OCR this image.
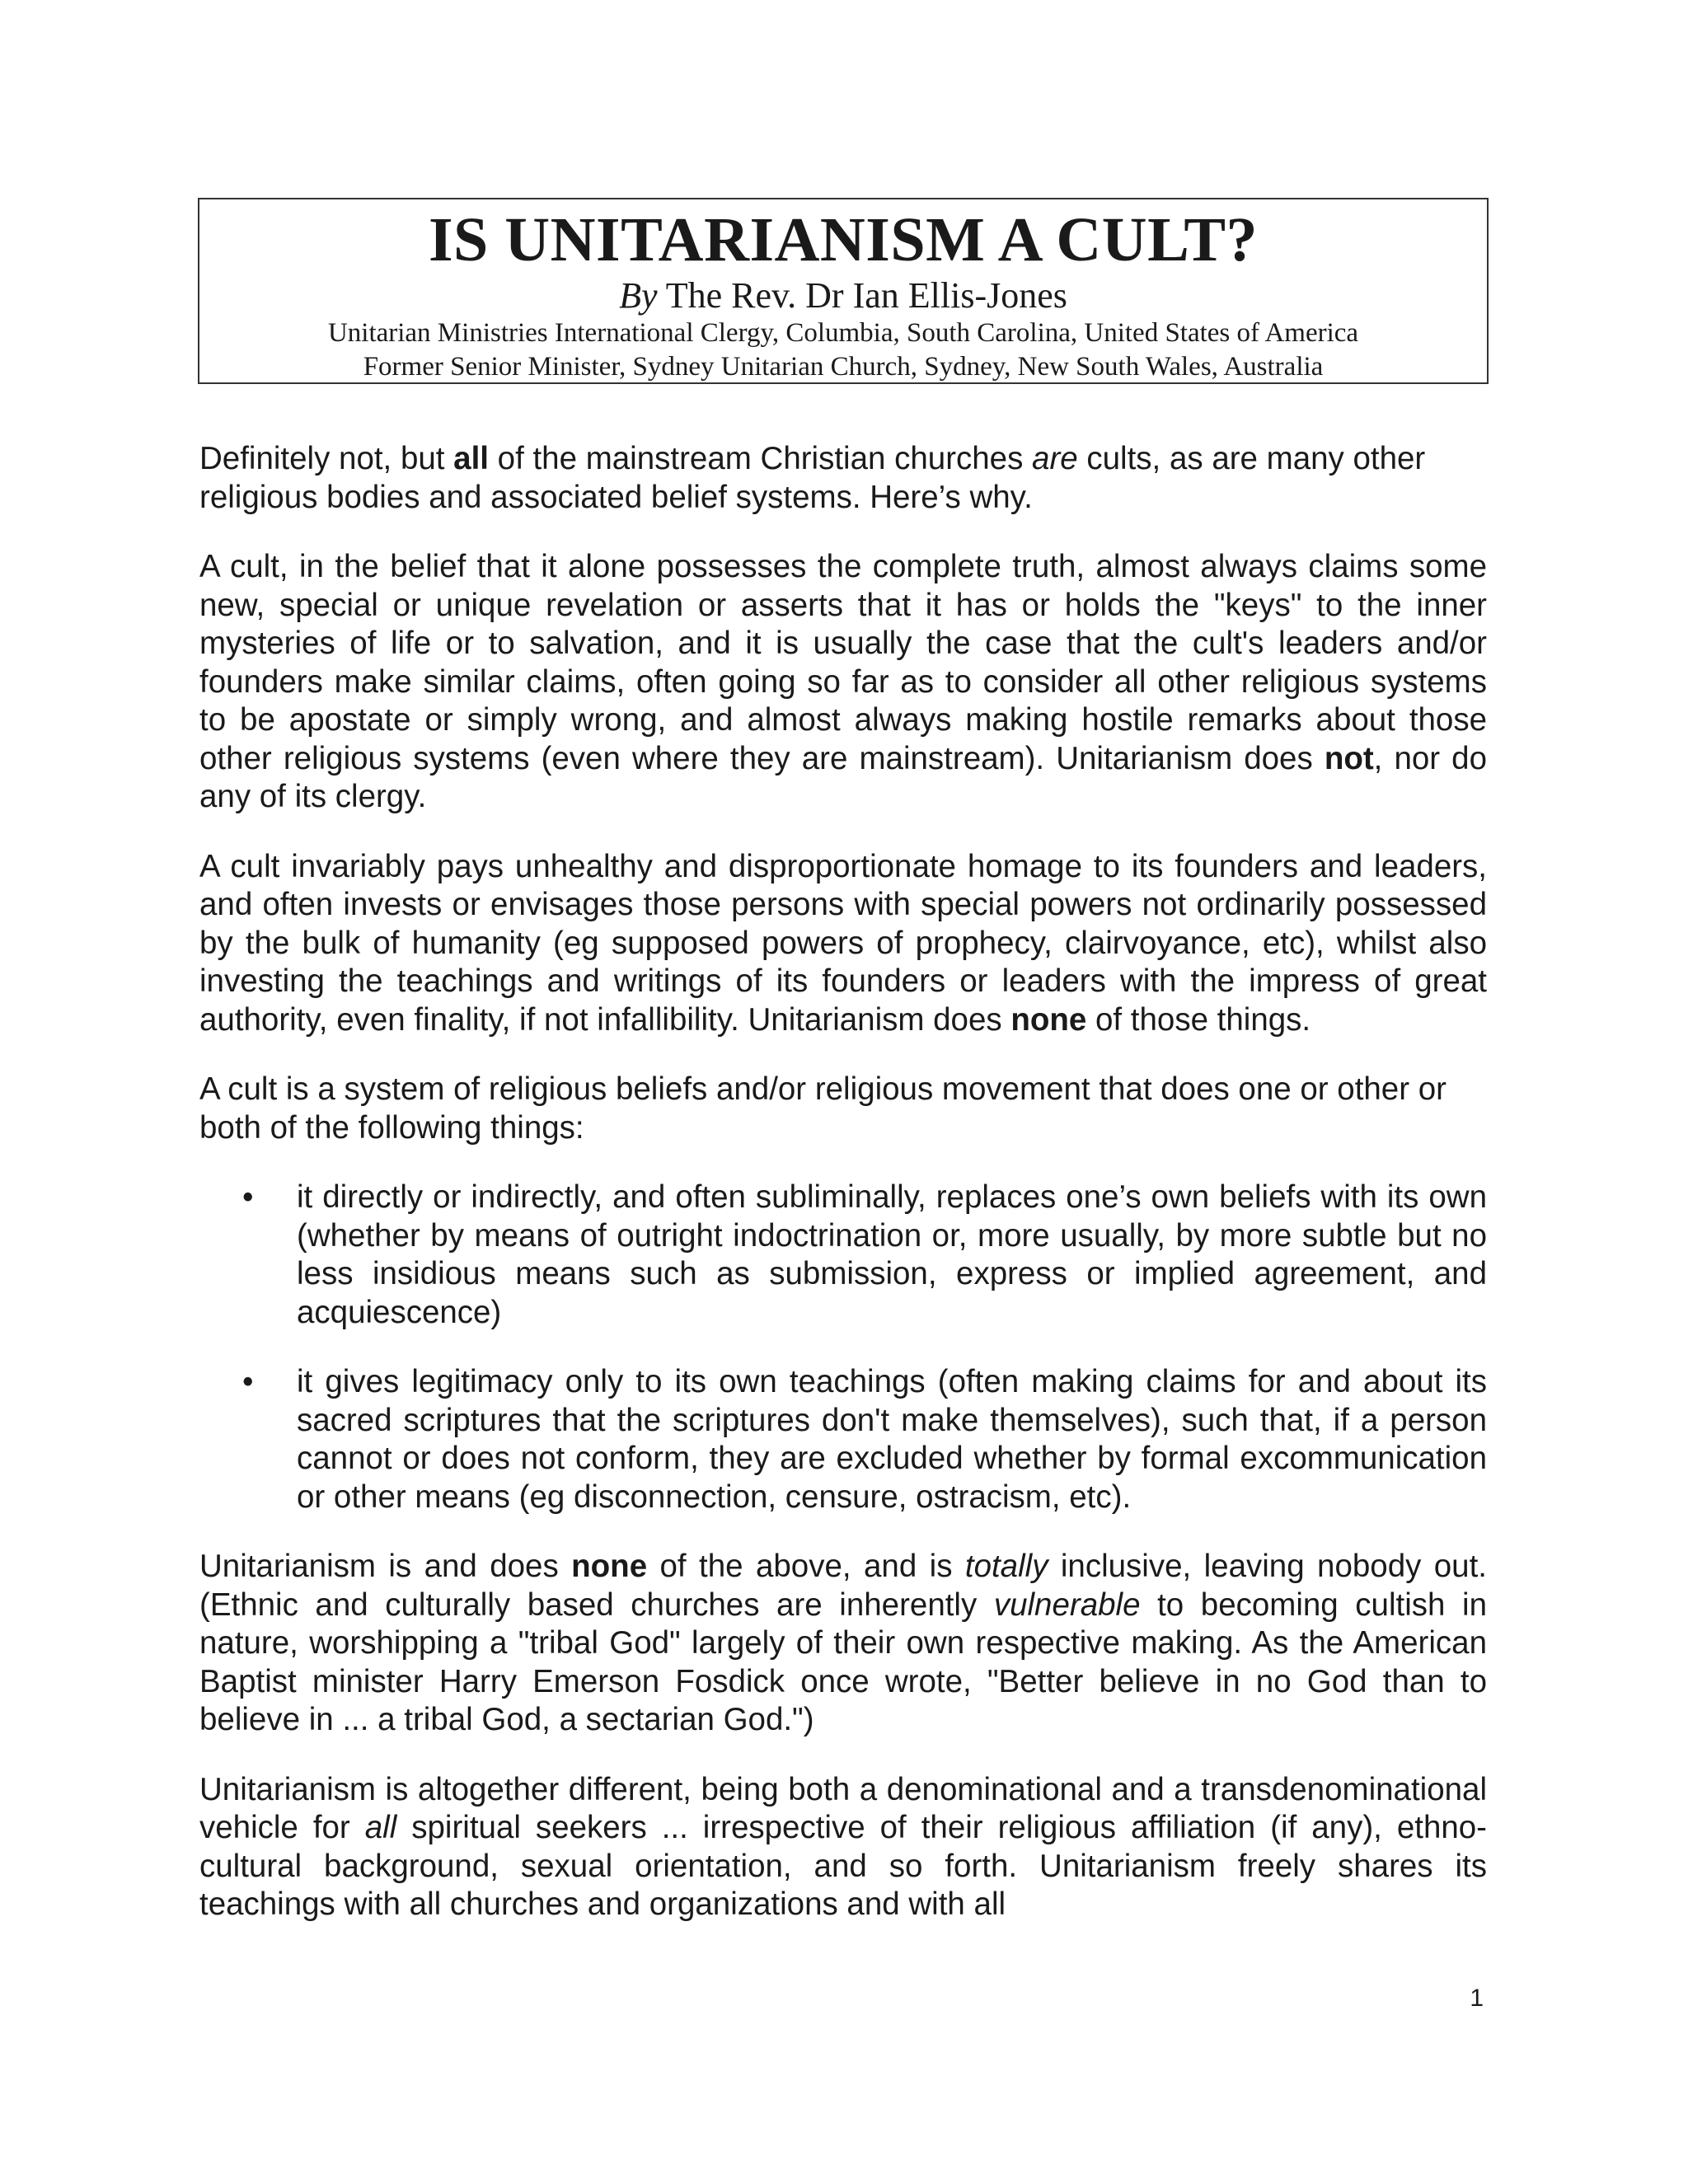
IS UNITARIANISM A CULT?
By The Rev. Dr Ian Ellis-Jones
Unitarian Ministries International Clergy, Columbia, South Carolina, United States of America
Former Senior Minister, Sydney Unitarian Church, Sydney, New South Wales, Australia

Definitely not, but all of the mainstream Christian churches are cults, as are many other religious bodies and associated belief systems. Here’s why.

A cult, in the belief that it alone possesses the complete truth, almost always claims some new, special or unique revelation or asserts that it has or holds the "keys" to the inner mysteries of life or to salvation, and it is usually the case that the cult's leaders and/or founders make similar claims, often going so far as to consider all other religious systems to be apostate or simply wrong, and almost always making hostile remarks about those other religious systems (even where they are mainstream). Unitarianism does not, nor do any of its clergy.

A cult invariably pays unhealthy and disproportionate homage to its founders and leaders, and often invests or envisages those persons with special powers not ordinarily possessed by the bulk of humanity (eg supposed powers of prophecy, clairvoyance, etc), whilst also investing the teachings and writings of its founders or leaders with the impress of great authority, even finality, if not infallibility. Unitarianism does none of those things.

A cult is a system of religious beliefs and/or religious movement that does one or other or both of the following things:

• it directly or indirectly, and often subliminally, replaces one’s own beliefs with its own (whether by means of outright indoctrination or, more usually, by more subtle but no less insidious means such as submission, express or implied agreement, and acquiescence)
• it gives legitimacy only to its own teachings (often making claims for and about its sacred scriptures that the scriptures don't make themselves), such that, if a person cannot or does not conform, they are excluded whether by formal excommunication or other means (eg disconnection, censure, ostracism, etc).

Unitarianism is and does none of the above, and is totally inclusive, leaving nobody out. (Ethnic and culturally based churches are inherently vulnerable to becoming cultish in nature, worshipping a "tribal God" largely of their own respective making. As the American Baptist minister Harry Emerson Fosdick once wrote, "Better believe in no God than to believe in ... a tribal God, a sectarian God.")

Unitarianism is altogether different, being both a denominational and a transdenominational vehicle for all spiritual seekers ... irrespective of their religious affiliation (if any), ethno-cultural background, sexual orientation, and so forth. Unitarianism freely shares its teachings with all churches and organizations and with all

1
